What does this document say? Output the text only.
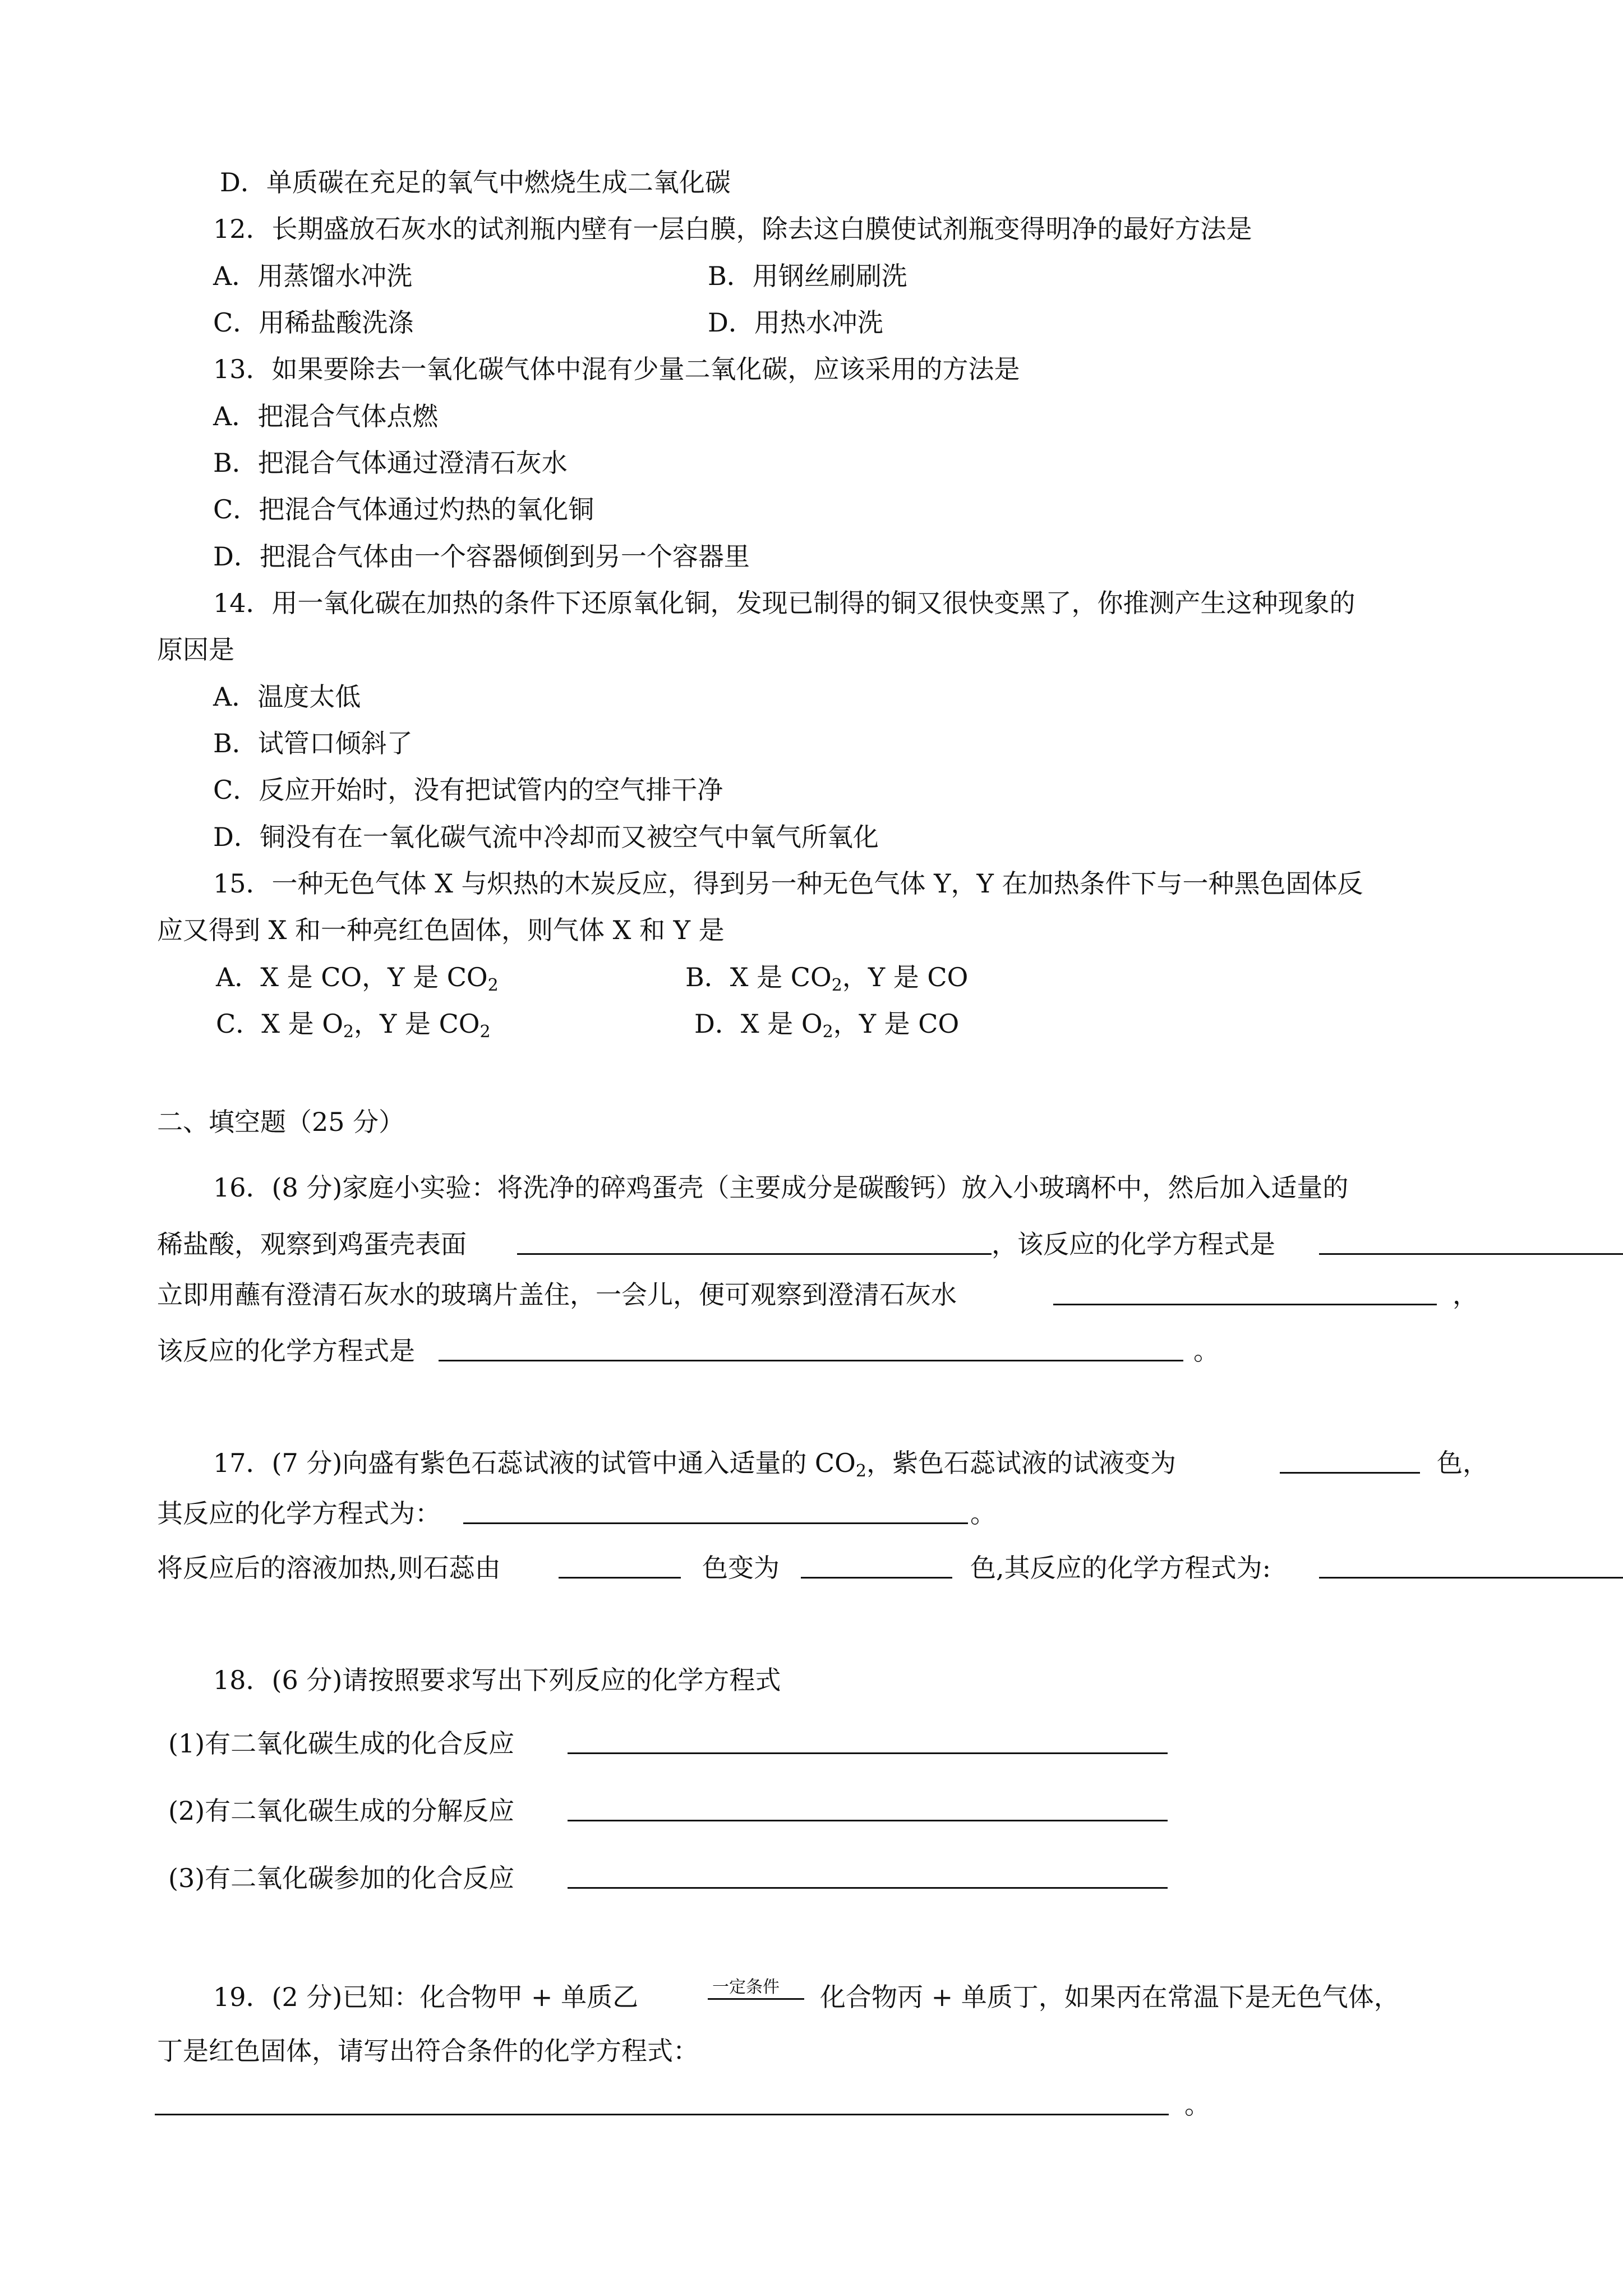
D．单质碳在充足的氧气中燃烧生成二氧化碳
12．长期盛放石灰水的试剂瓶内壁有一层白膜，除去这白膜使试剂瓶变得明净的最好方法是
A．用蒸馏水冲洗	B．用钢丝刷刷洗
C．用稀盐酸洗涤	D．用热水冲洗
13．如果要除去一氧化碳气体中混有少量二氧化碳，应该采用的方法是
A．把混合气体点燃
B．把混合气体通过澄清石灰水
C．把混合气体通过灼热的氧化铜
D．把混合气体由一个容器倾倒到另一个容器里
14．用一氧化碳在加热的条件下还原氧化铜，发现已制得的铜又很快变黑了，你推测产生这种现象的
原因是
A．温度太低
B．试管口倾斜了
C．反应开始时，没有把试管内的空气排干净
D．铜没有在一氧化碳气流中冷却而又被空气中氧气所氧化
15．一种无色气体 X 与炽热的木炭反应，得到另一种无色气体 Y，Y 在加热条件下与一种黑色固体反
应又得到 X 和一种亮红色固体，则气体 X 和 Y 是
A．X 是 CO，Y 是 $CO_2$	B．X 是 $CO_2$，Y 是 CO
C．X 是 $O_2$，Y 是 $CO_2$	D．X 是 $O_2$，Y 是 CO
二、填空题（25 分）
16．(8 分)家庭小实验：将洗净的碎鸡蛋壳（主要成分是碳酸钙）放入小玻璃杯中，然后加入适量的
稀盐酸，观察到鸡蛋壳表面	，该反应的化学方程式是
立即用蘸有澄清石灰水的玻璃片盖住，一会儿，便可观察到澄清石灰水	，
该反应的化学方程式是	。
17．(7 分)向盛有紫色石蕊试液的试管中通入适量的 $CO_2$，紫色石蕊试液的试液变为	色，
其反应的化学方程式为：	。
将反应后的溶液加热,则石蕊由	色变为	色,其反应的化学方程式为:
18．(6 分)请按照要求写出下列反应的化学方程式
(1)有二氧化碳生成的化合反应
(2)有二氧化碳生成的分解反应
(3)有二氧化碳参加的化合反应
19．(2 分)已知：化合物甲 + 单质乙	一定条件 化合物丙 + 单质丁，如果丙在常温下是无色气体，
丁是红色固体，请写出符合条件的化学方程式：
。
